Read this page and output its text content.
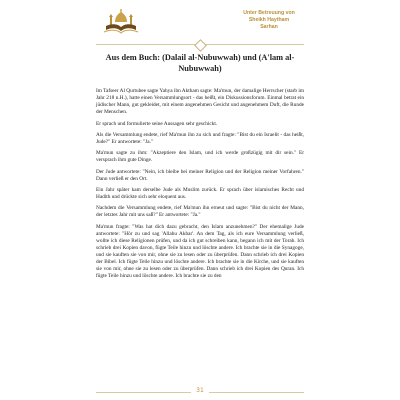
Unter Betreuung von
Sheikh Haytham
Sarhan
Aus dem Buch: (Dalail al-Nubuwwah) und (A'lam al-Nubuwwah)

Im Tafseer Al Qurtubee sagte Yahya ibn Aktham sagte: Ma'mun, der damalige Herrscher (starb im Jahr 218 n.H.), hatte einen Versammlungsort - das heißt, ein Diskussionsforum. Einmal betrat ein jüdischer Mann, gut gekleidet, mit einem angenehmen Gesicht und angenehmem Duft, die Runde der Menschen.

Er sprach und formulierte seine Aussagen sehr geschickt.

Als die Versammlung endete, rief Ma'mun ihn zu sich und fragte: "Bist du ein Israelit - das heißt, Jude?" Er antwortete: "Ja."

Ma'mun sagte zu ihm: "Akzeptiere den Islam, und ich werde großzügig mit dir sein." Er versprach ihm gute Dinge.

Der Jude antwortete: "Nein, ich bleibe bei meiner Religion und der Religion meiner Vorfahren." Dann verließ er den Ort.

Ein Jahr später kam derselbe Jude als Muslim zurück. Er sprach über islamisches Recht und Hadith und drückte sich sehr eloquent aus.

Nachdem die Versammlung endete, rief Ma'mun ihn erneut und sagte: "Bist du nicht der Mann, der letztes Jahr mit uns saß?" Er antwortete: "Ja."

Ma'mun fragte: "Was hat dich dazu gebracht, den Islam anzunehmen?" Der ehemalige Jude antwortete: "Hör zu und sag 'Allahu Akbar'. An dem Tag, als ich eure Versammlung verließ, wollte ich diese Religionen prüfen, und da ich gut schreiben kann, begann ich mit der Torah. Ich schrieb drei Kopien davon, fügte Teile hinzu und löschte andere. Ich brachte sie in die Synagoge, und sie kauften sie von mir, ohne sie zu lesen oder zu überprüfen. Dann schrieb ich drei Kopien der Bibel. Ich fügte Teile hinzu und löschte andere. Ich brachte sie in die Kirche, und sie kauften sie von mir, ohne sie zu lesen oder zu überprüfen. Dann schrieb ich drei Kopien des Quran. Ich fügte Teile hinzu und löschte andere. Ich brachte sie zu den

31
